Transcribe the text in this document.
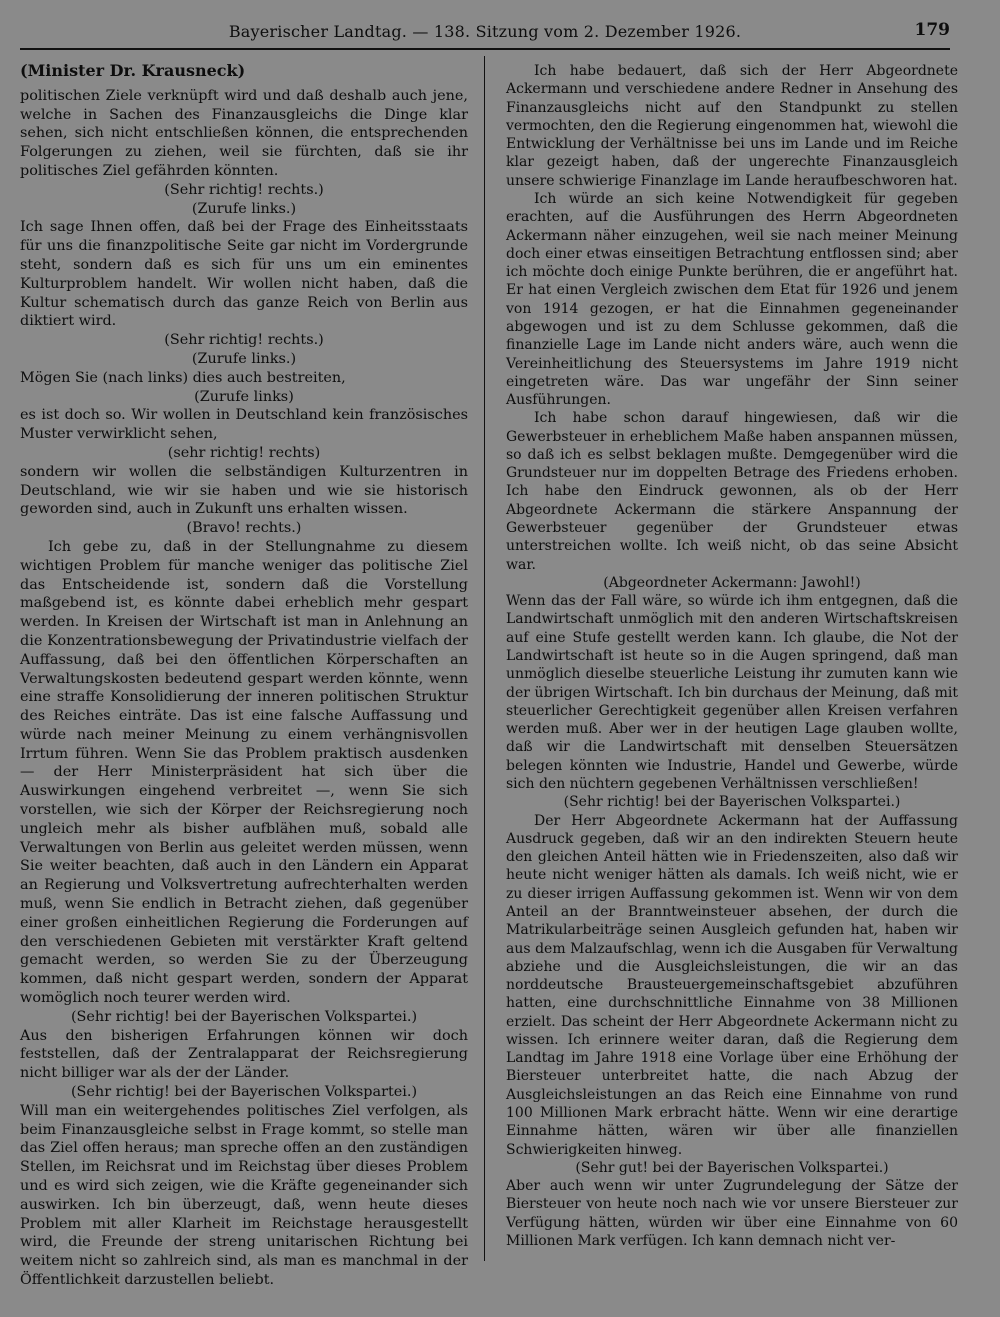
Bayerischer Landtag. — 138. Sitzung vom 2. Dezember 1926.	179

(Minister Dr. Krausneck)

politischen Ziele verknüpft wird und daß deshalb auch jene, welche in Sachen des Finanzausgleichs die Dinge klar sehen, sich nicht entschließen können, die entsprechenden Folgerungen zu ziehen, weil sie fürchten, daß sie ihr politisches Ziel gefährden könnten.

(Sehr richtig! rechts.)

(Zurufe links.)

Ich sage Ihnen offen, daß bei der Frage des Einheitsstaats für uns die finanzpolitische Seite gar nicht im Vordergrunde steht, sondern daß es sich für uns um ein eminentes Kulturproblem handelt. Wir wollen nicht haben, daß die Kultur schematisch durch das ganze Reich von Berlin aus diktiert wird.

(Sehr richtig! rechts.)

(Zurufe links.)

Mögen Sie (nach links) dies auch bestreiten,

(Zurufe links)

es ist doch so. Wir wollen in Deutschland kein französisches Muster verwirklicht sehen,

(sehr richtig! rechts)

sondern wir wollen die selbständigen Kulturzentren in Deutschland, wie wir sie haben und wie sie historisch geworden sind, auch in Zukunft uns erhalten wissen.

(Bravo! rechts.)

Ich gebe zu, daß in der Stellungnahme zu diesem wichtigen Problem für manche weniger das politische Ziel das Entscheidende ist, sondern daß die Vorstellung maßgebend ist, es könnte dabei erheblich mehr gespart werden. In Kreisen der Wirtschaft ist man in Anlehnung an die Konzentrationsbewegung der Privatindustrie vielfach der Auffassung, daß bei den öffentlichen Körperschaften an Verwaltungskosten bedeutend gespart werden könnte, wenn eine straffe Konsolidierung der inneren politischen Struktur des Reiches einträte. Das ist eine falsche Auffassung und würde nach meiner Meinung zu einem verhängnisvollen Irrtum führen. Wenn Sie das Problem praktisch ausdenken — der Herr Ministerpräsident hat sich über die Auswirkungen eingehend verbreitet —, wenn Sie sich vorstellen, wie sich der Körper der Reichsregierung noch ungleich mehr als bisher aufblähen muß, sobald alle Verwaltungen von Berlin aus geleitet werden müssen, wenn Sie weiter beachten, daß auch in den Ländern ein Apparat an Regierung und Volksvertretung aufrechterhalten werden muß, wenn Sie endlich in Betracht ziehen, daß gegenüber einer großen einheitlichen Regierung die Forderungen auf den verschiedenen Gebieten mit verstärkter Kraft geltend gemacht werden, so werden Sie zu der Überzeugung kommen, daß nicht gespart werden, sondern der Apparat womöglich noch teurer werden wird.

(Sehr richtig! bei der Bayerischen Volkspartei.)

Aus den bisherigen Erfahrungen können wir doch feststellen, daß der Zentralapparat der Reichsregierung nicht billiger war als der der Länder.

(Sehr richtig! bei der Bayerischen Volkspartei.)

Will man ein weitergehendes politisches Ziel verfolgen, als beim Finanzausgleiche selbst in Frage kommt, so stelle man das Ziel offen heraus; man spreche offen an den zuständigen Stellen, im Reichsrat und im Reichstag über dieses Problem und es wird sich zeigen, wie die Kräfte gegeneinander sich auswirken. Ich bin überzeugt, daß, wenn heute dieses Problem mit aller Klarheit im Reichstage herausgestellt wird, die Freunde der streng unitarischen Richtung bei weitem nicht so zahlreich sind, als man es manchmal in der Öffentlichkeit darzustellen beliebt.

Ich habe bedauert, daß sich der Herr Abgeordnete Ackermann und verschiedene andere Redner in Ansehung des Finanzausgleichs nicht auf den Standpunkt zu stellen vermochten, den die Regierung eingenommen hat, wiewohl die Entwicklung der Verhältnisse bei uns im Lande und im Reiche klar gezeigt haben, daß der ungerechte Finanzausgleich unsere schwierige Finanzlage im Lande heraufbeschworen hat.

Ich würde an sich keine Notwendigkeit für gegeben erachten, auf die Ausführungen des Herrn Abgeordneten Ackermann näher einzugehen, weil sie nach meiner Meinung doch einer etwas einseitigen Betrachtung entflossen sind; aber ich möchte doch einige Punkte berühren, die er angeführt hat. Er hat einen Vergleich zwischen dem Etat für 1926 und jenem von 1914 gezogen, er hat die Einnahmen gegeneinander abgewogen und ist zu dem Schlusse gekommen, daß die finanzielle Lage im Lande nicht anders wäre, auch wenn die Vereinheitlichung des Steuersystems im Jahre 1919 nicht eingetreten wäre. Das war ungefähr der Sinn seiner Ausführungen.

Ich habe schon darauf hingewiesen, daß wir die Gewerbsteuer in erheblichem Maße haben anspannen müssen, so daß ich es selbst beklagen mußte. Demgegenüber wird die Grundsteuer nur im doppelten Betrage des Friedens erhoben. Ich habe den Eindruck gewonnen, als ob der Herr Abgeordnete Ackermann die stärkere Anspannung der Gewerbsteuer gegenüber der Grundsteuer etwas unterstreichen wollte. Ich weiß nicht, ob das seine Absicht war.

(Abgeordneter Ackermann: Jawohl!)

Wenn das der Fall wäre, so würde ich ihm entgegnen, daß die Landwirtschaft unmöglich mit den anderen Wirtschaftskreisen auf eine Stufe gestellt werden kann. Ich glaube, die Not der Landwirtschaft ist heute so in die Augen springend, daß man unmöglich dieselbe steuerliche Leistung ihr zumuten kann wie der übrigen Wirtschaft. Ich bin durchaus der Meinung, daß mit steuerlicher Gerechtigkeit gegenüber allen Kreisen verfahren werden muß. Aber wer in der heutigen Lage glauben wollte, daß wir die Landwirtschaft mit denselben Steuersätzen belegen könnten wie Industrie, Handel und Gewerbe, würde sich den nüchtern gegebenen Verhältnissen verschließen!

(Sehr richtig! bei der Bayerischen Volkspartei.)

Der Herr Abgeordnete Ackermann hat der Auffassung Ausdruck gegeben, daß wir an den indirekten Steuern heute den gleichen Anteil hätten wie in Friedenszeiten, also daß wir heute nicht weniger hätten als damals. Ich weiß nicht, wie er zu dieser irrigen Auffassung gekommen ist. Wenn wir von dem Anteil an der Branntweinsteuer absehen, der durch die Matrikularbeiträge seinen Ausgleich gefunden hat, haben wir aus dem Malzaufschlag, wenn ich die Ausgaben für Verwaltung abziehe und die Ausgleichsleistungen, die wir an das norddeutsche Brausteuergemeinschaftsgebiet abzuführen hatten, eine durchschnittliche Einnahme von 38 Millionen erzielt. Das scheint der Herr Abgeordnete Ackermann nicht zu wissen. Ich erinnere weiter daran, daß die Regierung dem Landtag im Jahre 1918 eine Vorlage über eine Erhöhung der Biersteuer unterbreitet hatte, die nach Abzug der Ausgleichsleistungen an das Reich eine Einnahme von rund 100 Millionen Mark erbracht hätte. Wenn wir eine derartige Einnahme hätten, wären wir über alle finanziellen Schwierigkeiten hinweg.

(Sehr gut! bei der Bayerischen Volkspartei.)

Aber auch wenn wir unter Zugrundelegung der Sätze der Biersteuer von heute noch nach wie vor unsere Biersteuer zur Verfügung hätten, würden wir über eine Einnahme von 60 Millionen Mark verfügen. Ich kann demnach nicht ver-
